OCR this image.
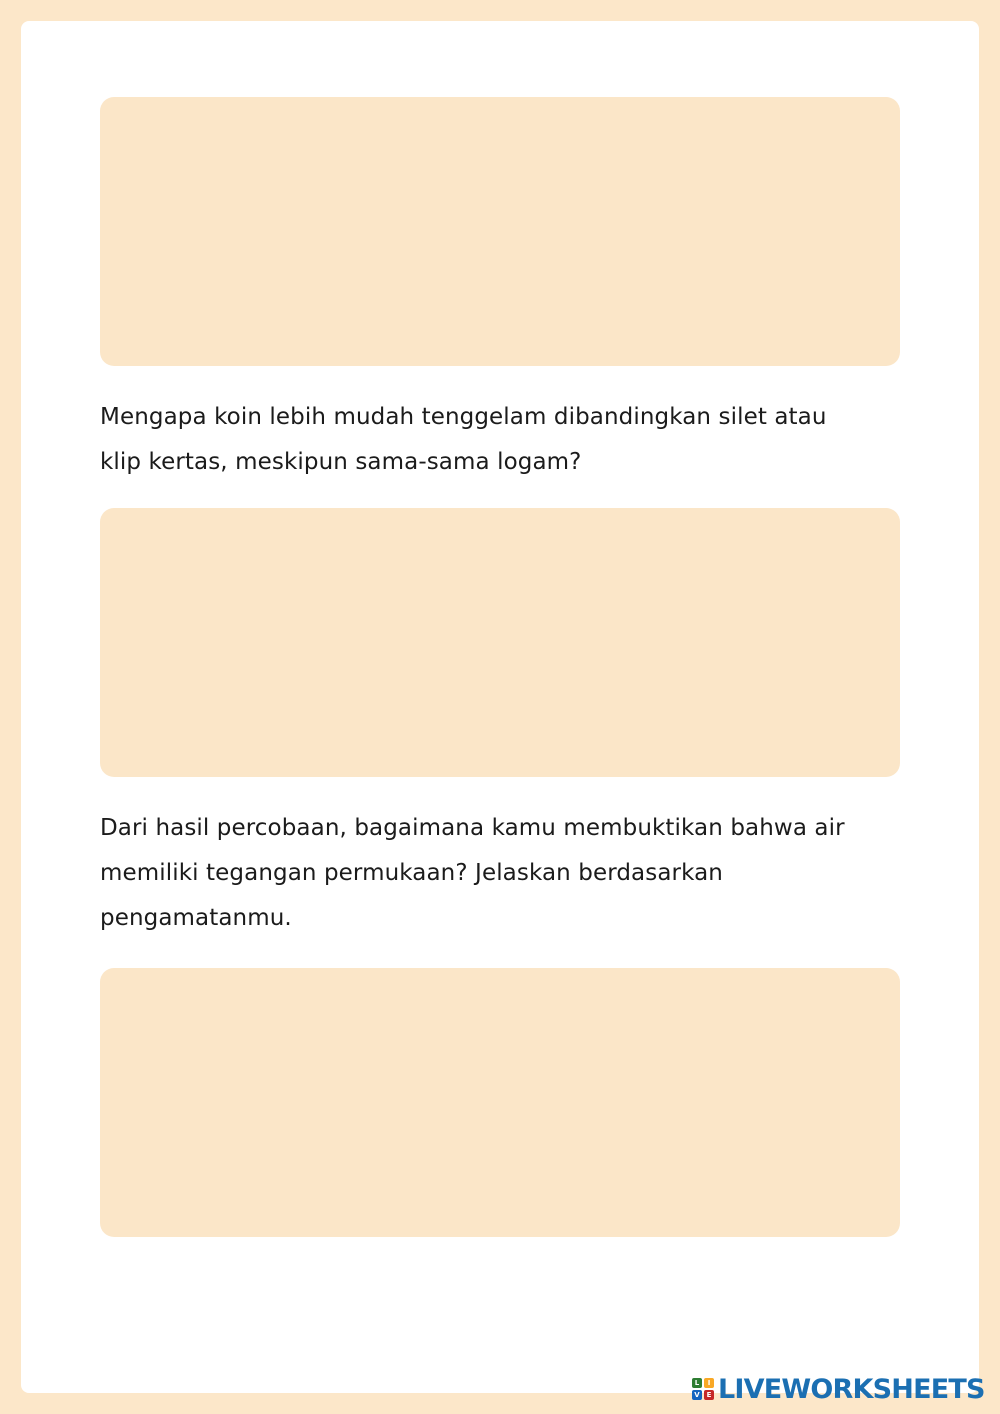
Mengapa koin lebih mudah tenggelam dibandingkan silet atau
klip kertas, meskipun sama-sama logam?

Dari hasil percobaan, bagaimana kamu membuktikan bahwa air
memiliki tegangan permukaan? Jelaskan berdasarkan
pengamatanmu.

L	I
V E LIVEWORKSHEETS
